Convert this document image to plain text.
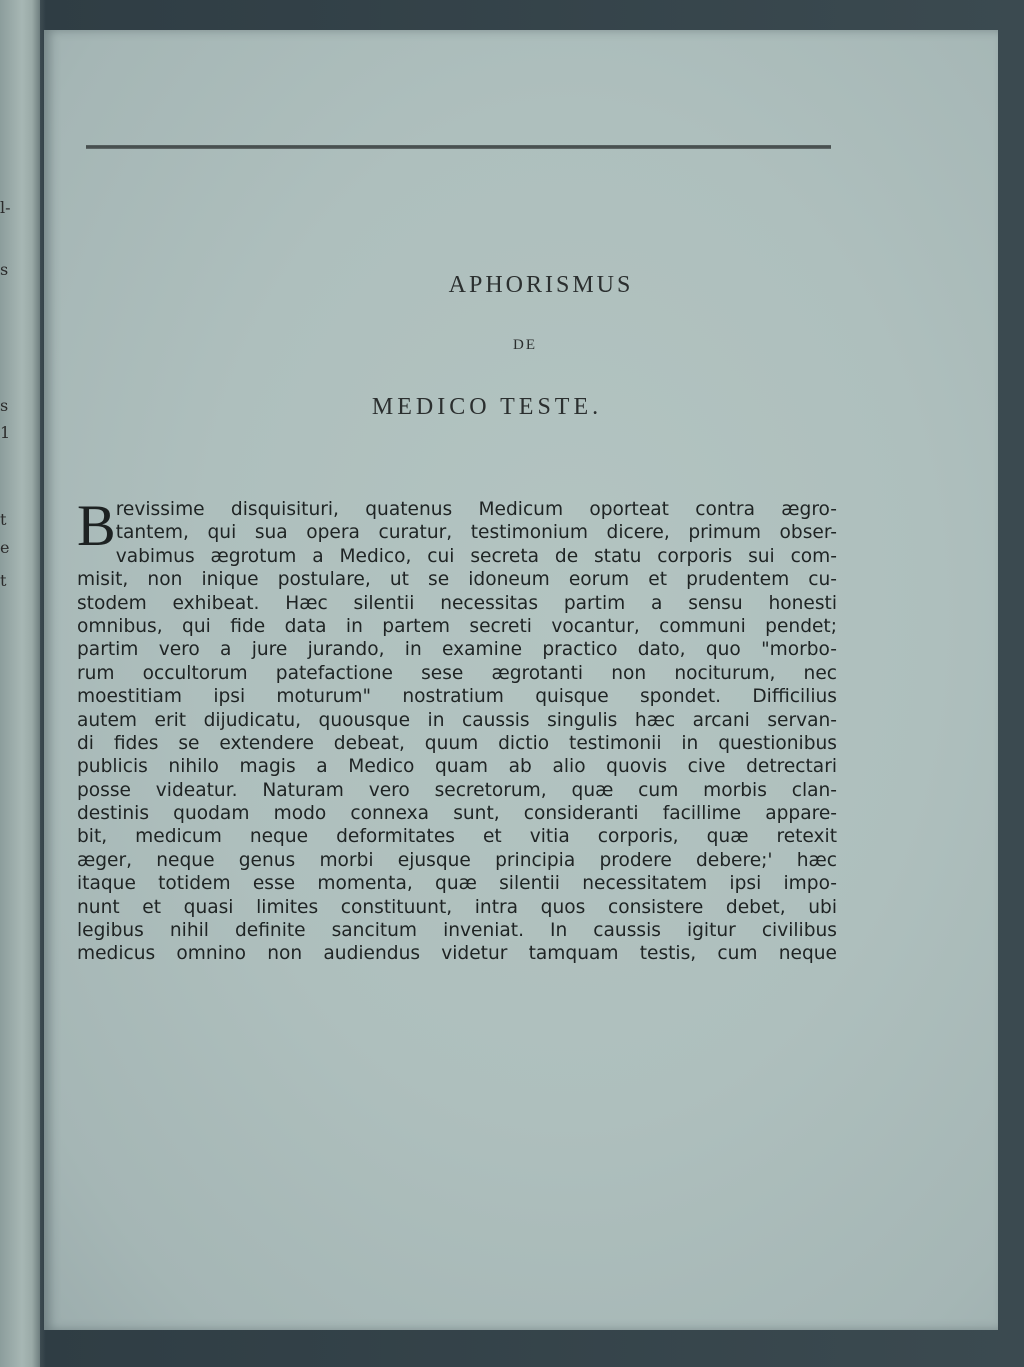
l-
s
s
1
t
e
t
APHORISMUS
DE
MEDICO TESTE.
B revissime disquisituri, quatenus Medicum oporteat contra ægro-
tantem, qui sua opera curatur, testimonium dicere, primum obser-
vabimus ægrotum a Medico, cui secreta de statu corporis sui com-
misit, non inique postulare, ut se idoneum eorum et prudentem cu-
stodem exhibeat. Hæc silentii necessitas partim a sensu honesti
omnibus, qui fide data in partem secreti vocantur, communi pendet;
partim vero a jure jurando, in examine practico dato, quo "morbo-
rum occultorum patefactione sese ægrotanti non nociturum, nec
moestitiam ipsi moturum" nostratium quisque spondet. Difficilius
autem erit dijudicatu, quousque in caussis singulis hæc arcani servan-
di fides se extendere debeat, quum dictio testimonii in questionibus
publicis nihilo magis a Medico quam ab alio quovis cive detrectari
posse videatur. Naturam vero secretorum, quæ cum morbis clan-
destinis quodam modo connexa sunt, consideranti facillime appare-
bit, medicum neque deformitates et vitia corporis, quæ retexit
æger, neque genus morbi ejusque principia prodere debere;' hæc
itaque totidem esse momenta, quæ silentii necessitatem ipsi impo-
nunt et quasi limites constituunt, intra quos consistere debet, ubi
legibus nihil definite sancitum inveniat. In caussis igitur civilibus
medicus omnino non audiendus videtur tamquam testis, cum neque
